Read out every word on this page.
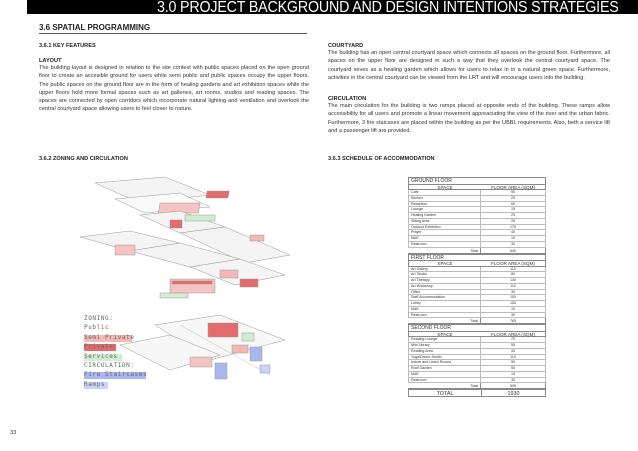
3.0 PROJECT BACKGROUND AND DESIGN INTENTIONS STRATEGIES
3.6 SPATIAL PROGRAMMING
3.6.1 KEY FEATURES
LAYOUT
The building layout is designed in relation to the site context with public spaces placed on the open ground floor to create an accesible ground for users while semi public and public spaces occupy the upper floors. The public spaces on the ground floor are in the form of healing gardens and art exhibition spaces while the upper floors hold more formal spaces such as art galleries, art rooms, studios and reading spaces. The spaces are connected by open corridors which incorporate natural lighting and ventilation and overlook the central courtyard space allowing users to feel closer to nature.
COURTYARD
The building has an open central courtyard space which connects all spaces on the ground floor. Furthermore, all spaces on the upper floor are designed in such a way that they overlook the central courtyard space. The courtyard seves as a healing garden which allows for users to relax in in a natural green space. Furthermore, activities in the central courtyard can be viewed from the LRT and will encourage users into the building.
CIRCULATION
The main circulation for the building is two ramps placed at opposite ends of the building. These ramps allow accessibility for all users and promote a linear movement appreaciating the view of the river and the urban fabric. Furthermore, 3 fire staicases are placed within the building as per the UBBL requirements. Also, beth a service lift and a passenger lift are provided.
3.6.2 ZONING AND CIRCULATION	3.6.3 SCHEDULE OF ACCOMMODATION
ZONING:
Public
Semi Private
Private
Services
CIRCULATION:
Fire Staircases
Ramps
GROUND FLOOR
SPACE	FLOOR AREA (SQM)
Cafe	90
Kitchen	20
Reception	60
Lounge	15
Healing Garden	25
Sitting Area	25
Outdoor Exhibition	170
Prayer	40
M&E	15
Restroom	30
Total	540
FIRST FLOOR
SPACE	FLOOR AREA (SQM)
Art Gallery	110
Art Studio	80
Art Therapy	140
Art Workshop	110
Office	30
Staff Accommodation	100
Lobby	150
M&E	15
Restroom	30
Total	765
SECOND FLOOR
SPACE	FLOOR AREA (SQM)
Reading Lounge	70
Mini Library	55
Reading Area	30
Yoga/Dance Studio	110
Indoor and Listen Rooms	90
Roof Garden	50
M&E	15
Restroom	30
Total	595
TOTAL	1930
33
